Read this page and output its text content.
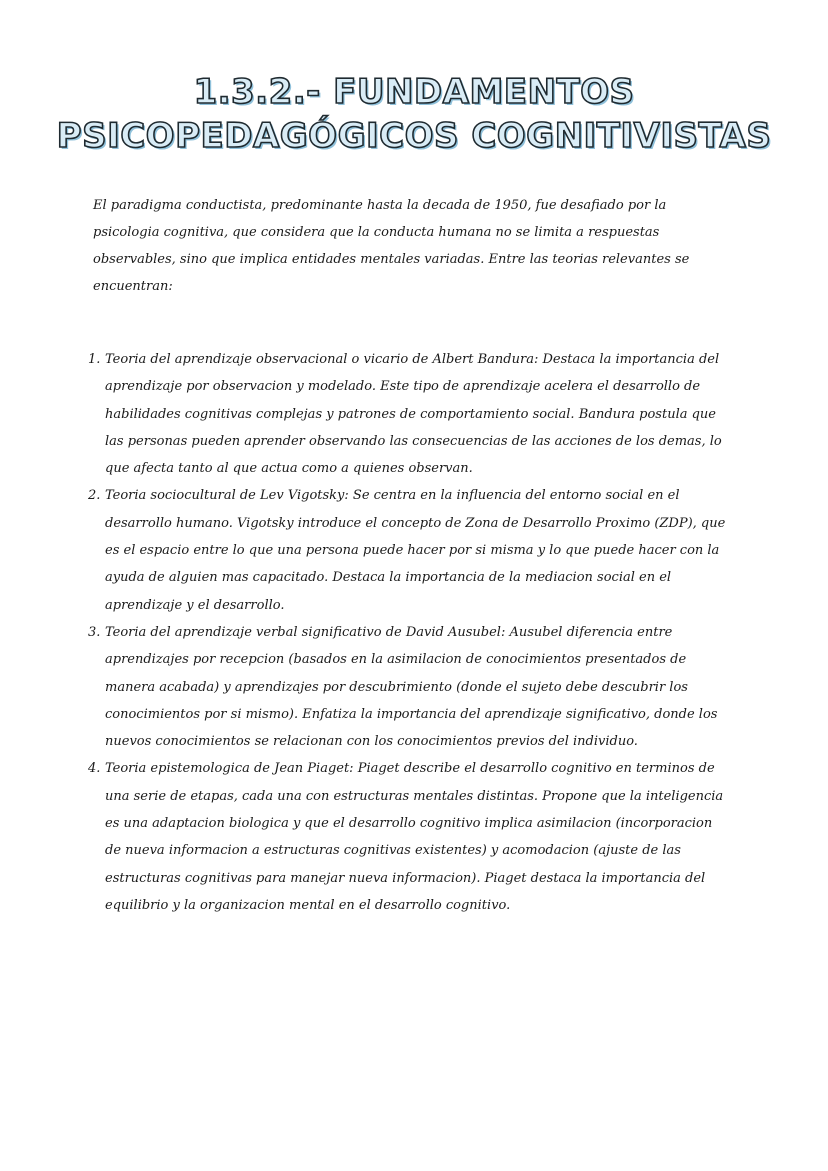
1.3.2.- FUNDAMENTOS
PSICOPEDAGÓGICOS COGNITIVISTAS

El paradigma conductista, predominante hasta la decada de 1950, fue desafiado por la psicologia cognitiva, que considera que la conducta humana no se limita a respuestas observables, sino que implica entidades mentales variadas. Entre las teorias relevantes se encuentran:

1. Teoria del aprendizaje observacional o vicario de Albert Bandura: Destaca la importancia del aprendizaje por observacion y modelado. Este tipo de aprendizaje acelera el desarrollo de habilidades cognitivas complejas y patrones de comportamiento social. Bandura postula que las personas pueden aprender observando las consecuencias de las acciones de los demas, lo que afecta tanto al que actua como a quienes observan.
2. Teoria sociocultural de Lev Vigotsky: Se centra en la influencia del entorno social en el desarrollo humano. Vigotsky introduce el concepto de Zona de Desarrollo Proximo (ZDP), que es el espacio entre lo que una persona puede hacer por si misma y lo que puede hacer con la ayuda de alguien mas capacitado. Destaca la importancia de la mediacion social en el aprendizaje y el desarrollo.
3. Teoria del aprendizaje verbal significativo de David Ausubel: Ausubel diferencia entre aprendizajes por recepcion (basados en la asimilacion de conocimientos presentados de manera acabada) y aprendizajes por descubrimiento (donde el sujeto debe descubrir los conocimientos por si mismo). Enfatiza la importancia del aprendizaje significativo, donde los nuevos conocimientos se relacionan con los conocimientos previos del individuo.
4. Teoria epistemologica de Jean Piaget: Piaget describe el desarrollo cognitivo en terminos de una serie de etapas, cada una con estructuras mentales distintas. Propone que la inteligencia es una adaptacion biologica y que el desarrollo cognitivo implica asimilacion (incorporacion de nueva informacion a estructuras cognitivas existentes) y acomodacion (ajuste de las estructuras cognitivas para manejar nueva informacion). Piaget destaca la importancia del equilibrio y la organizacion mental en el desarrollo cognitivo.
